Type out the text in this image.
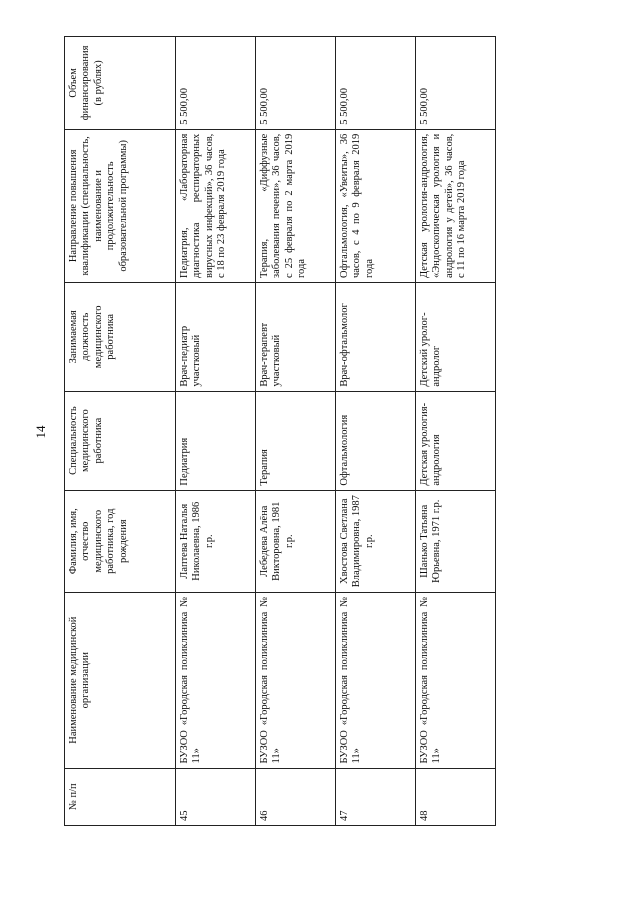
14
№ п/п	Наименование медицинской организации	Фамилия, имя, отчество медицинского работника, год рождения	Специальность медицинского работника	Занимаемая должность медицинского работника	Направление повышения квалификации (специальность, наименование и продолжительность образовательной программы)	Объем финансирования (в рублях)
45	БУЗОО «Городская поликлиника № 11»	Лаптева Наталья Николаевна, 1986 г.р.	Педиатрия	Врач-педиатр участковый	Педиатрия, «Лабораторная диагностика респираторных вирусных инфекций», 36 часов, с 18 по 23 февраля 2019 года	5 500,00
46	БУЗОО «Городская поликлиника № 11»	Лебедева Алёна Викторовна, 1981 г.р.	Терапия	Врач-терапевт участковый	Терапия, «Диффузные заболевания печени», 36 часов, с 25 февраля по 2 марта 2019 года	5 500,00
47	БУЗОО «Городская поликлиника № 11»	Хвостова Светлана Владимировна, 1987 г.р.	Офтальмология	Врач-офтальмолог	Офтальмология, «Увеиты», 36 часов, с 4 по 9 февраля 2019 года	5 500,00
48	БУЗОО «Городская поликлиника № 11»	Шанько Татьяна Юрьевна, 1971 г.р.	Детская урология-андрология	Детский уролог-андролог	Детская урология-андрология, «Эндоскопическая урология и андрология у детей», 36 часов, с 11 по 16 марта 2019 года	5 500,00
